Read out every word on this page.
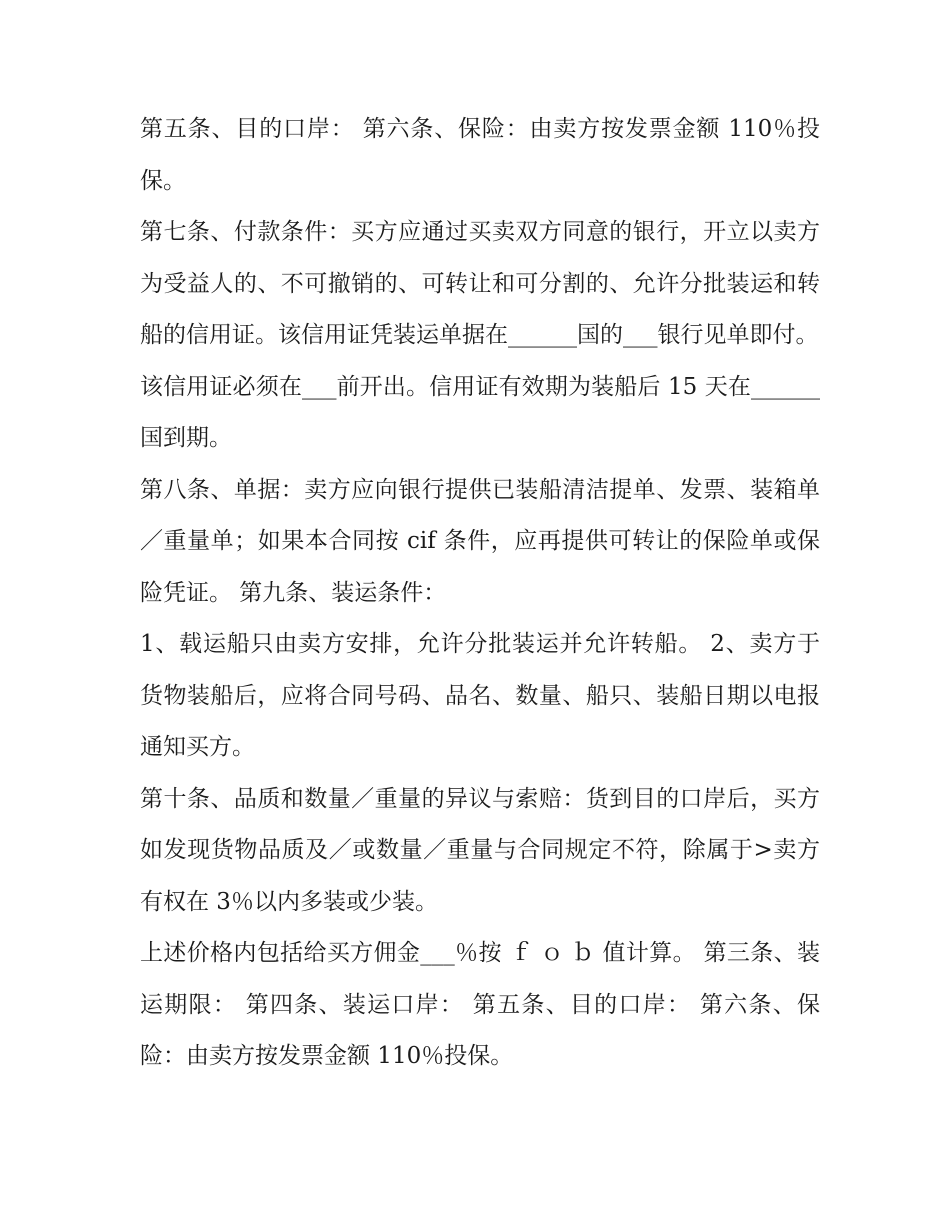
第五条、目的口岸： 第六条、保险：由卖方按发票金额 110％投保。

第七条、付款条件：买方应通过买卖双方同意的银行，开立以卖方为受益人的、不可撤销的、可转让和可分割的、允许分批装运和转船的信用证。该信用证凭装运单据在______国的___银行见单即付。

该信用证必须在___前开出。信用证有效期为装船后 15 天在______国到期。

第八条、单据：卖方应向银行提供已装船清洁提单、发票、装箱单／重量单；如果本合同按 cif 条件，应再提供可转让的保险单或保险凭证。 第九条、装运条件：

1、载运船只由卖方安排，允许分批装运并允许转船。 2、卖方于货物装船后，应将合同号码、品名、数量、船只、装船日期以电报通知买方。

第十条、品质和数量／重量的异议与索赔：货到目的口岸后，买方如发现货物品质及／或数量／重量与合同规定不符，除属于>卖方有权在 3％以内多装或少装。

上述价格内包括给买方佣金___％按 ｆ ｏ ｂ 值计算。 第三条、装运期限： 第四条、装运口岸： 第五条、目的口岸： 第六条、保险：由卖方按发票金额 110％投保。
